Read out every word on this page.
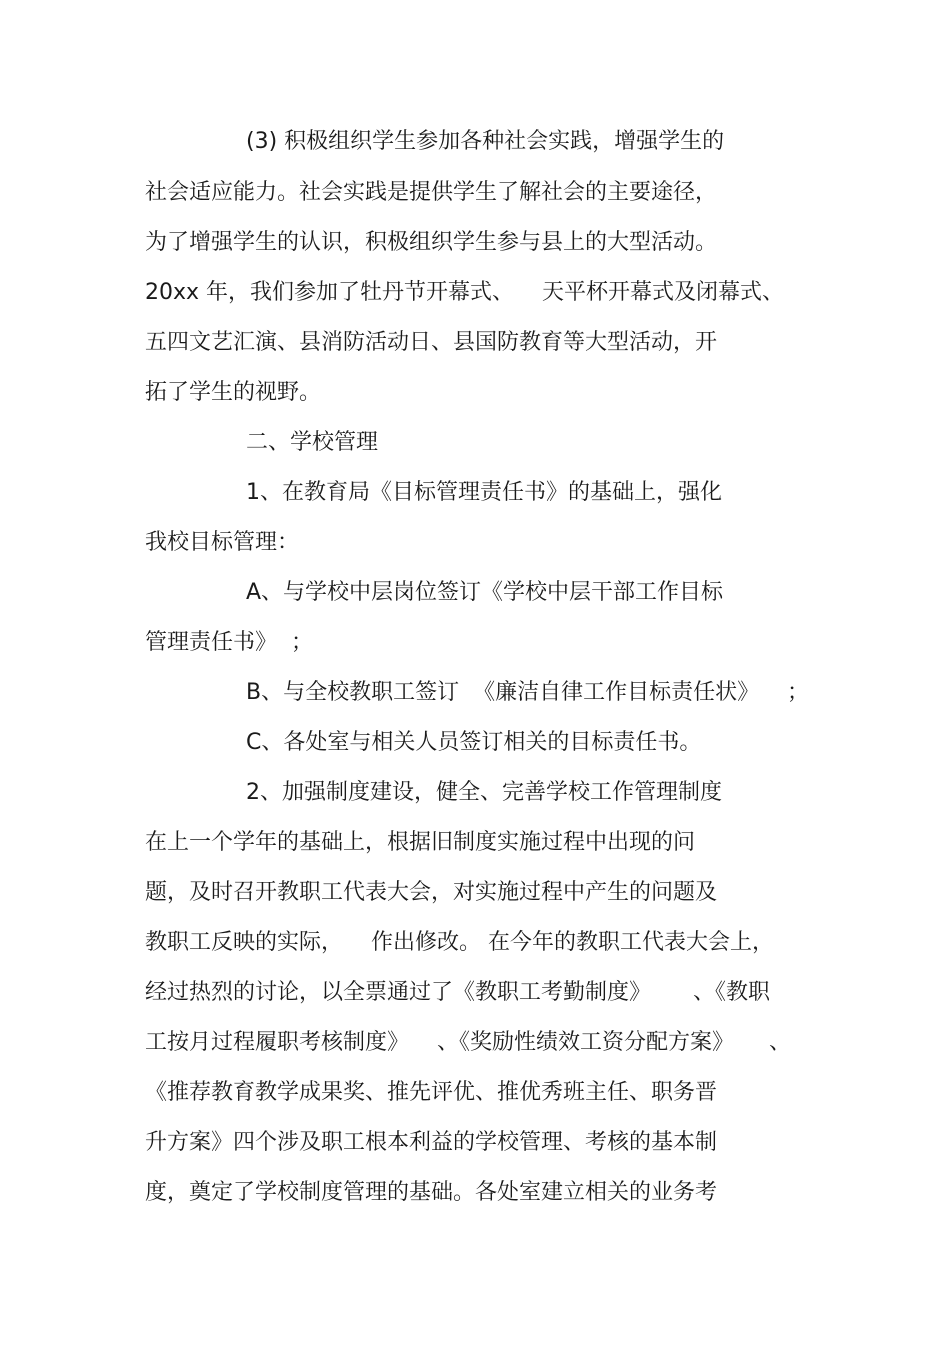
(3) 积极组织学生参加各种社会实践，增强学生的
社会适应能力。社会实践是提供学生了解社会的主要途径，
为了增强学生的认识，积极组织学生参与县上的大型活动。
20xx 年，我们参加了牡丹节开幕式、    天平杯开幕式及闭幕式、
五四文艺汇演、县消防活动日、县国防教育等大型活动，开
拓了学生的视野。
二、学校管理
1、在教育局《目标管理责任书》的基础上，强化
我校目标管理：
A、与学校中层岗位签订《学校中层干部工作目标
管理责任书》  ；
B、与全校教职工签订  《廉洁自律工作目标责任状》    ；
C、各处室与相关人员签订相关的目标责任书。
2、加强制度建设，健全、完善学校工作管理制度
在上一个学年的基础上，根据旧制度实施过程中出现的问
题，及时召开教职工代表大会，对实施过程中产生的问题及
教职工反映的实际，    作出修改。 在今年的教职工代表大会上，
经过热烈的讨论，以全票通过了《教职工考勤制度》      、《教职
工按月过程履职考核制度》    、《奖励性绩效工资分配方案》     、
《推荐教育教学成果奖、推先评优、推优秀班主任、职务晋
升方案》四个涉及职工根本利益的学校管理、考核的基本制
度，奠定了学校制度管理的基础。各处室建立相关的业务考
